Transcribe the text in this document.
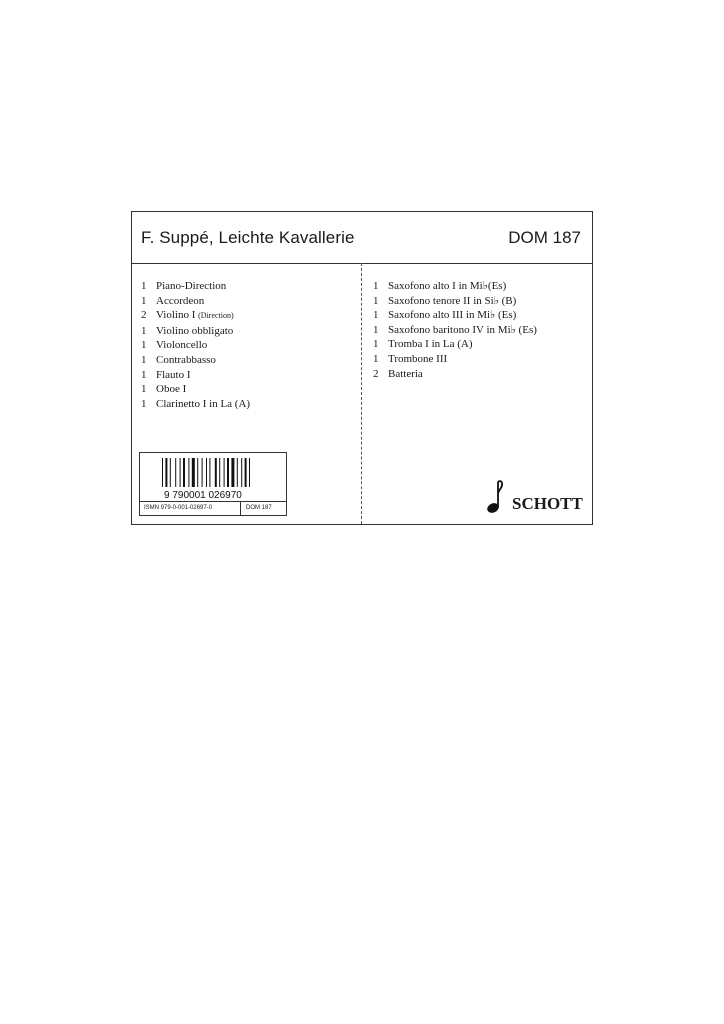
F. Suppé, Leichte Kavallerie	DOM 187
1 Piano-Direction
1 Accordeon
2 Violino I (Direction)
1 Violino obbligato
1 Violoncello
1 Contrabbasso
1 Flauto I
1 Oboe I
1 Clarinetto I in La (A)
1 Saxofono alto I in Mi♭(Es)
1 Saxofono tenore II in Si♭ (B)
1 Saxofono alto III in Mi♭ (Es)
1 Saxofono baritono IV in Mi♭ (Es)
1 Tromba I in La (A)
1 Trombone III
2 Batteria
9 790001 026970
ISMN 979-0-001-02697-0	DOM 187	SCHOTT
